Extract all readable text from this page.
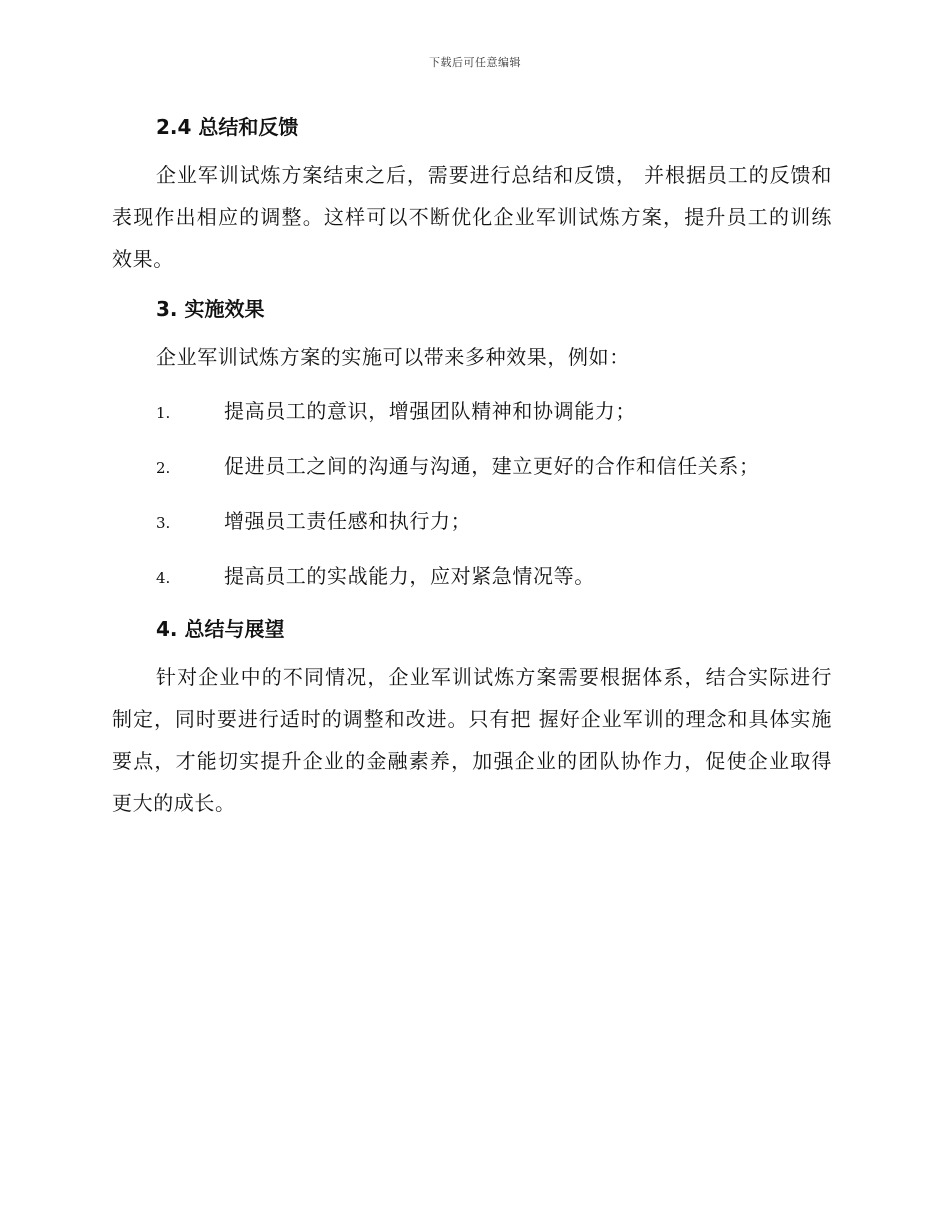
下载后可任意编辑
2.4 总结和反馈

企业军训试炼方案结束之后，需要进行总结和反馈， 并根据员工的反馈和表现作出相应的调整。这样可以不断优化企业军训试炼方案，提升员工的训练效果。

3. 实施效果

企业军训试炼方案的实施可以带来多种效果，例如：

1.	提高员工的意识，增强团队精神和协调能力；
2.	促进员工之间的沟通与沟通，建立更好的合作和信任关系；
3.	增强员工责任感和执行力；
4.	提高员工的实战能力，应对紧急情况等。
4. 总结与展望

针对企业中的不同情况，企业军训试炼方案需要根据体系，结合实际进行制定，同时要进行适时的调整和改进。只有把 握好企业军训的理念和具体实施要点，才能切实提升企业的金融素养，加强企业的团队协作力，促使企业取得更大的成长。
